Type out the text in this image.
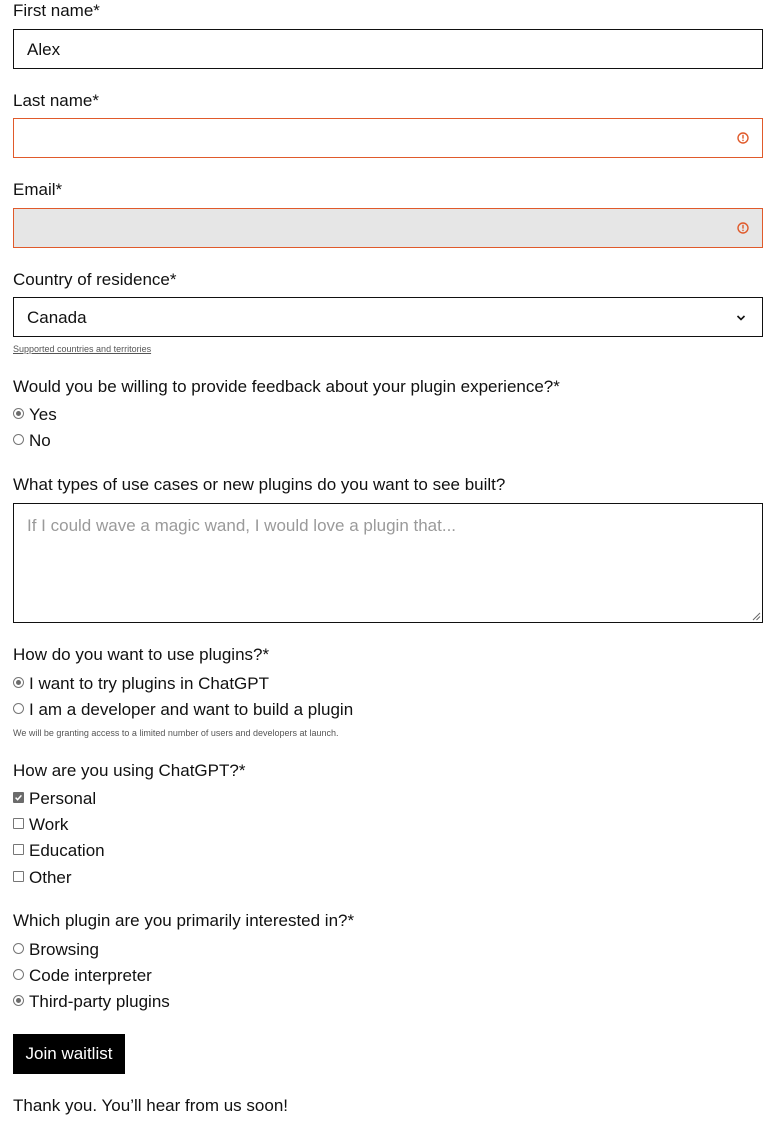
First name*
Alex
Last name*
Email*
Country of residence*
Canada
Supported countries and territories
Would you be willing to provide feedback about your plugin experience?*
Yes
No
What types of use cases or new plugins do you want to see built?
If I could wave a magic wand, I would love a plugin that...
How do you want to use plugins?*
I want to try plugins in ChatGPT
I am a developer and want to build a plugin
We will be granting access to a limited number of users and developers at launch.
How are you using ChatGPT?*
Personal
Work
Education
Other
Which plugin are you primarily interested in?*
Browsing
Code interpreter
Third-party plugins
Join waitlist
Thank you. You’ll hear from us soon!
